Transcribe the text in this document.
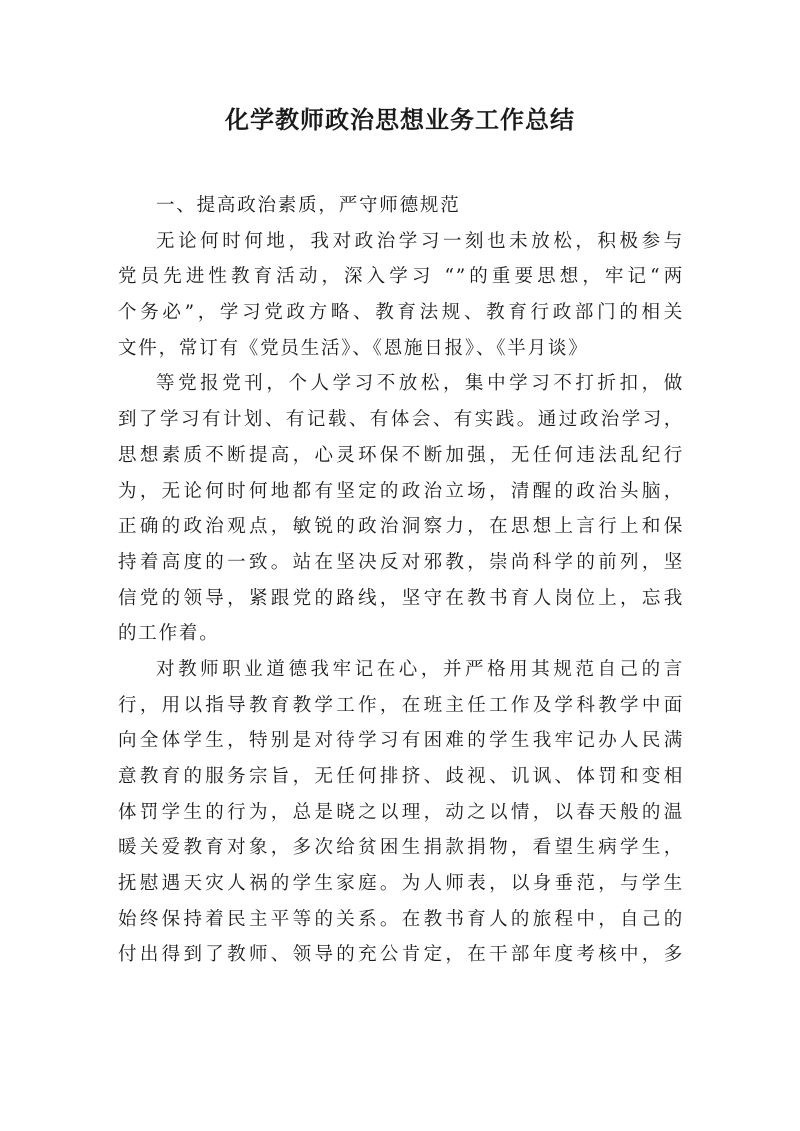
化学教师政治思想业务工作总结
一、提高政治素质，严守师德规范
无论何时何地，我对政治学习一刻也未放松，积极参与
党员先进性教育活动，深入学习 “”的重要思想，牢记“两
个务必”，学习党政方略、教育法规、教育行政部门的相关
文件，常订有《党员生活》、《恩施日报》、《半月谈》
等党报党刊，个人学习不放松，集中学习不打折扣，做
到了学习有计划、有记载、有体会、有实践。通过政治学习，
思想素质不断提高，心灵环保不断加强，无任何违法乱纪行
为，无论何时何地都有坚定的政治立场，清醒的政治头脑，
正确的政治观点，敏锐的政治洞察力，在思想上言行上和保
持着高度的一致。站在坚决反对邪教，崇尚科学的前列，坚
信党的领导，紧跟党的路线，坚守在教书育人岗位上，忘我
的工作着。
对教师职业道德我牢记在心，并严格用其规范自己的言
行，用以指导教育教学工作，在班主任工作及学科教学中面
向全体学生，特别是对待学习有困难的学生我牢记办人民满
意教育的服务宗旨，无任何排挤、歧视、讥讽、体罚和变相
体罚学生的行为，总是晓之以理，动之以情，以春天般的温
暖关爱教育对象，多次给贫困生捐款捐物，看望生病学生，
抚慰遇天灾人祸的学生家庭。为人师表，以身垂范，与学生
始终保持着民主平等的关系。在教书育人的旅程中，自己的
付出得到了教师、领导的充公肯定，在干部年度考核中，多
